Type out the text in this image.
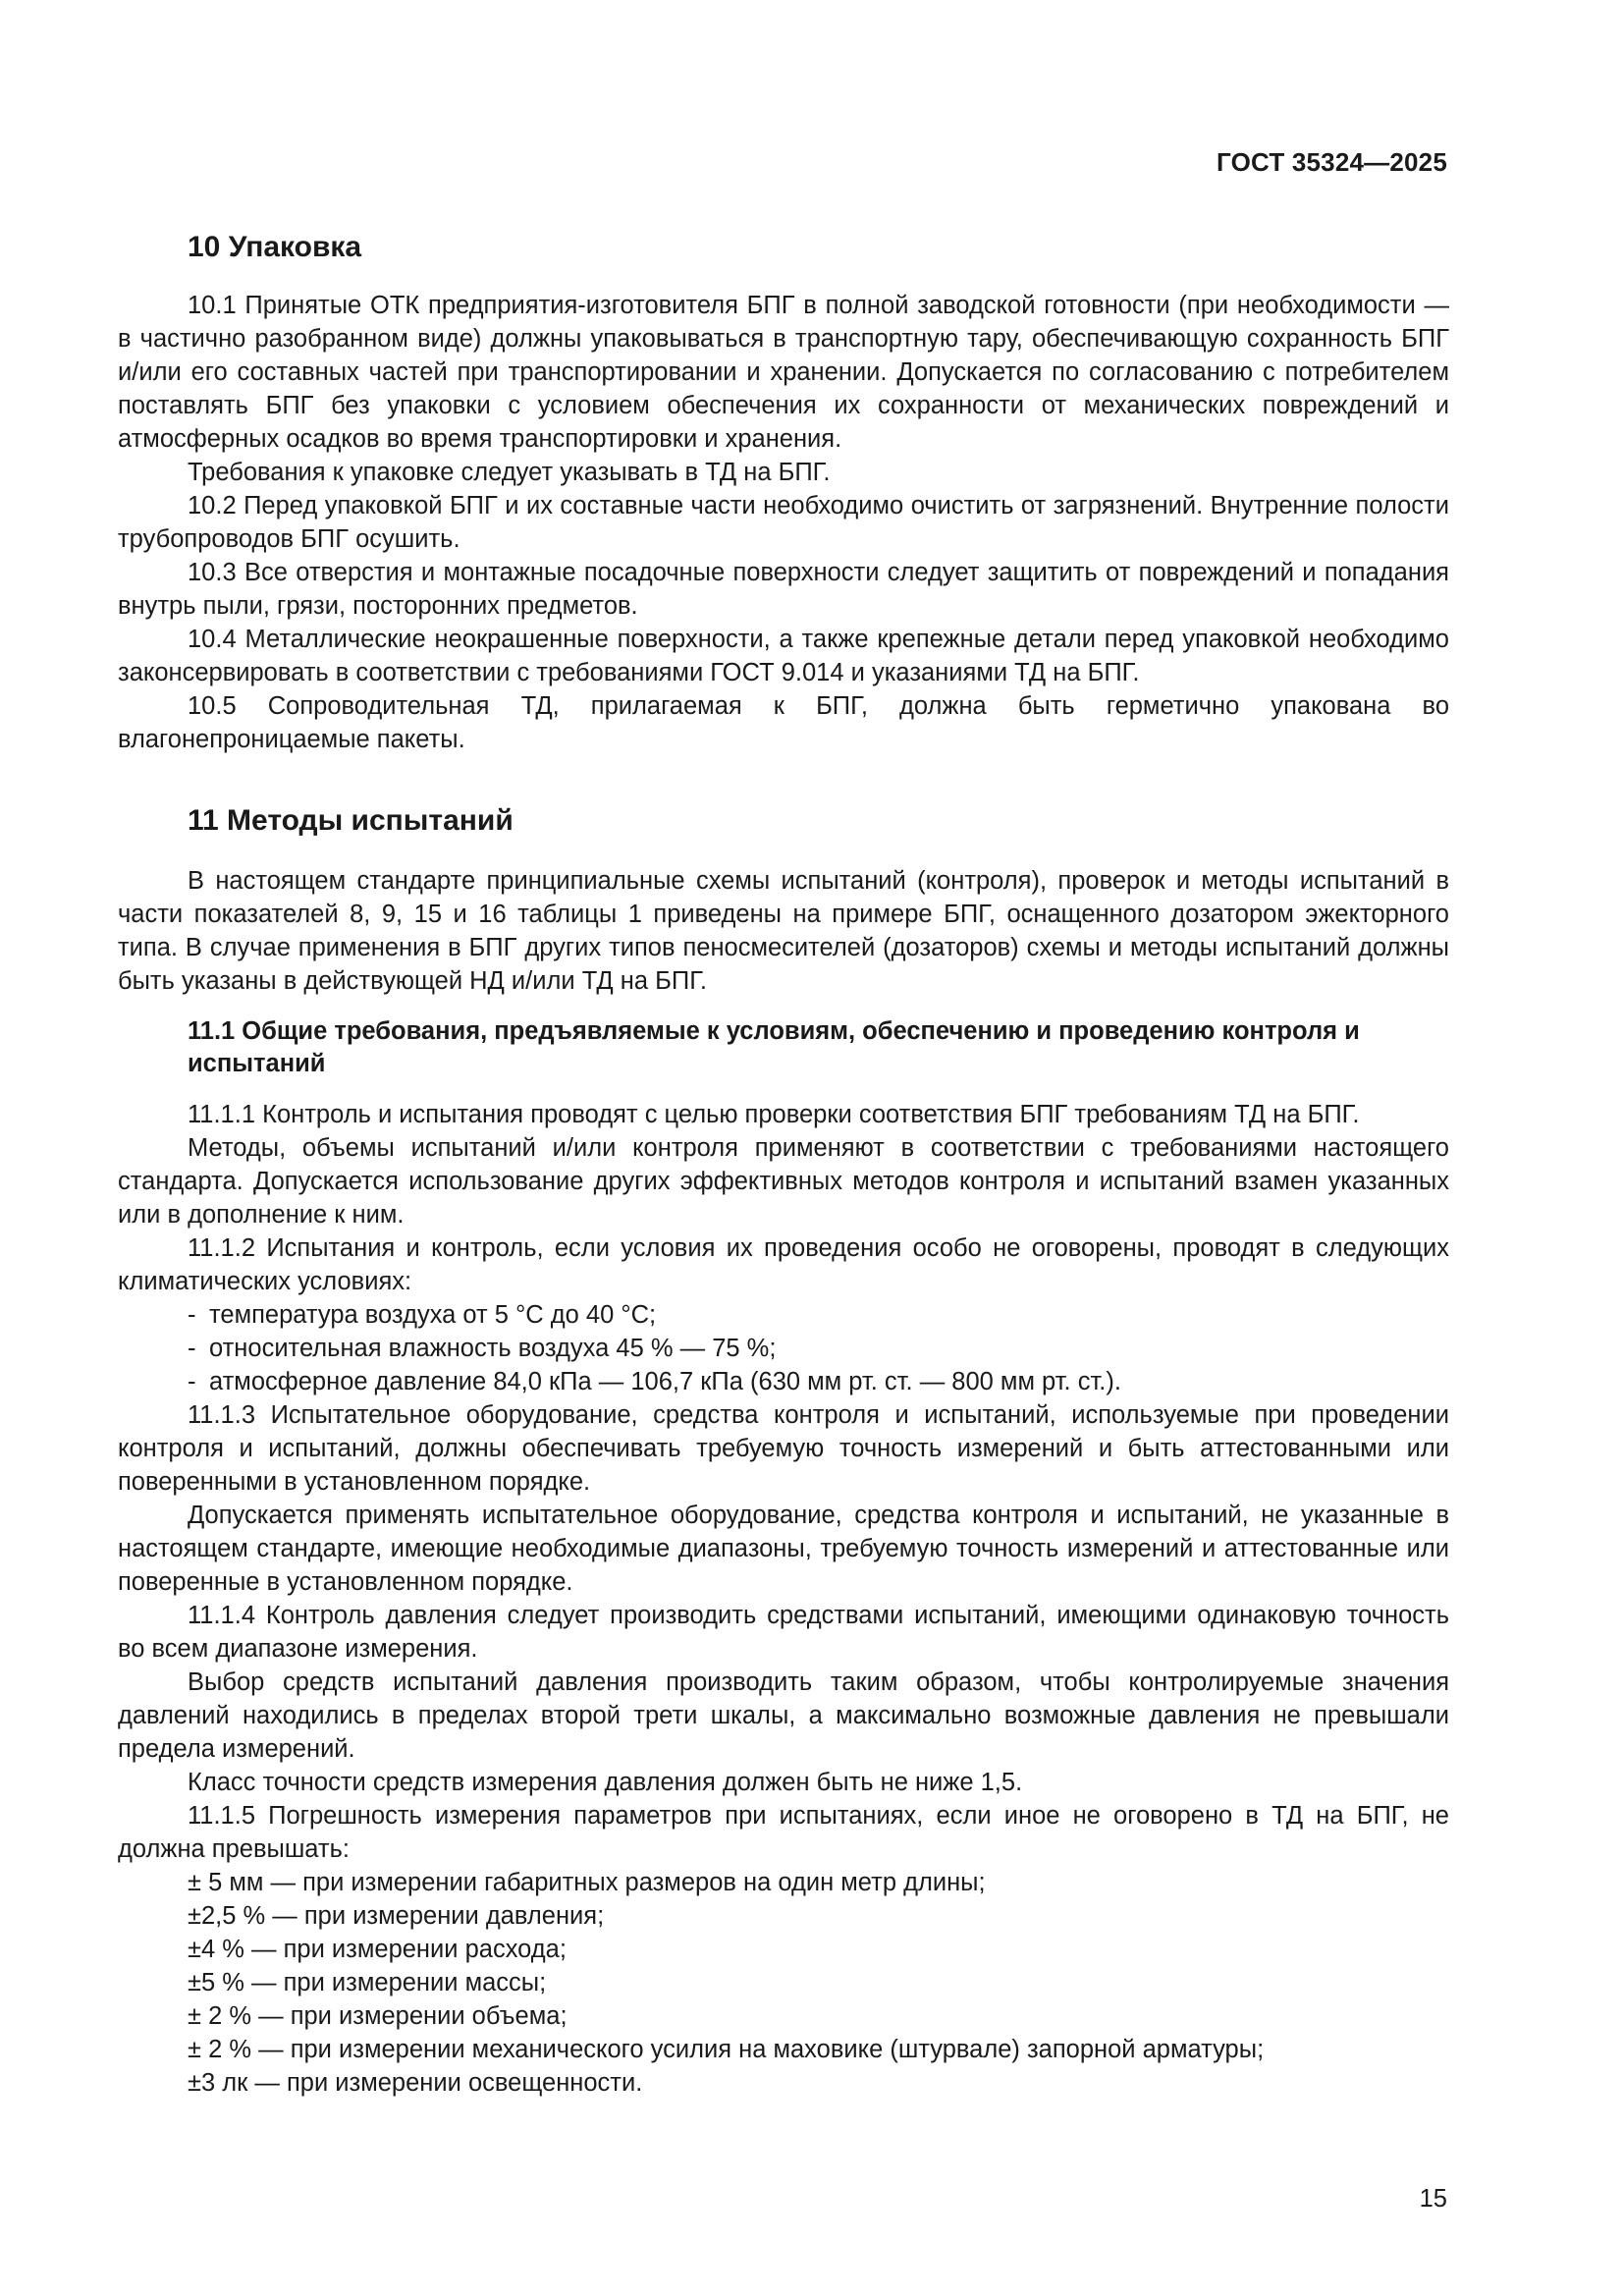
ГОСТ 35324—2025

10 Упаковка

10.1 Принятые ОТК предприятия-изготовителя БПГ в полной заводской готовности (при необходимости — в частично разобранном виде) должны упаковываться в транспортную тару, обеспечивающую сохранность БПГ и/или его составных частей при транспортировании и хранении. Допускается по согласованию с потребителем поставлять БПГ без упаковки с условием обеспечения их сохранности от механических повреждений и атмосферных осадков во время транспортировки и хранения.

Требования к упаковке следует указывать в ТД на БПГ.

10.2 Перед упаковкой БПГ и их составные части необходимо очистить от загрязнений. Внутренние полости трубопроводов БПГ осушить.

10.3 Все отверстия и монтажные посадочные поверхности следует защитить от повреждений и попадания внутрь пыли, грязи, посторонних предметов.

10.4 Металлические неокрашенные поверхности, а также крепежные детали перед упаковкой необходимо законсервировать в соответствии с требованиями ГОСТ 9.014 и указаниями ТД на БПГ.

10.5 Сопроводительная ТД, прилагаемая к БПГ, должна быть герметично упакована во влагонепроницаемые пакеты.

11 Методы испытаний

В настоящем стандарте принципиальные схемы испытаний (контроля), проверок и методы испытаний в части показателей 8, 9, 15 и 16 таблицы 1 приведены на примере БПГ, оснащенного дозатором эжекторного типа. В случае применения в БПГ других типов пеносмесителей (дозаторов) схемы и методы испытаний должны быть указаны в действующей НД и/или ТД на БПГ.

11.1 Общие требования, предъявляемые к условиям, обеспечению и проведению контроля и испытаний

11.1.1 Контроль и испытания проводят с целью проверки соответствия БПГ требованиям ТД на БПГ.

Методы, объемы испытаний и/или контроля применяют в соответствии с требованиями настоящего стандарта. Допускается использование других эффективных методов контроля и испытаний взамен указанных или в дополнение к ним.

11.1.2 Испытания и контроль, если условия их проведения особо не оговорены, проводят в следующих климатических условиях:

- температура воздуха от 5 °С до 40 °С;

- относительная влажность воздуха 45 % — 75 %;

- атмосферное давление 84,0 кПа — 106,7 кПа (630 мм рт. ст. — 800 мм рт. ст.).

11.1.3 Испытательное оборудование, средства контроля и испытаний, используемые при проведении контроля и испытаний, должны обеспечивать требуемую точность измерений и быть аттестованными или поверенными в установленном порядке.

Допускается применять испытательное оборудование, средства контроля и испытаний, не указанные в настоящем стандарте, имеющие необходимые диапазоны, требуемую точность измерений и аттестованные или поверенные в установленном порядке.

11.1.4 Контроль давления следует производить средствами испытаний, имеющими одинаковую точность во всем диапазоне измерения.

Выбор средств испытаний давления производить таким образом, чтобы контролируемые значения давлений находились в пределах второй трети шкалы, а максимально возможные давления не превышали предела измерений.

Класс точности средств измерения давления должен быть не ниже 1,5.

11.1.5 Погрешность измерения параметров при испытаниях, если иное не оговорено в ТД на БПГ, не должна превышать:

± 5 мм — при измерении габаритных размеров на один метр длины;

±2,5 % — при измерении давления;

±4 % — при измерении расхода;

±5 % — при измерении массы;

± 2 % — при измерении объема;

± 2 % — при измерении механического усилия на маховике (штурвале) запорной арматуры;

±3 лк — при измерении освещенности.

15
